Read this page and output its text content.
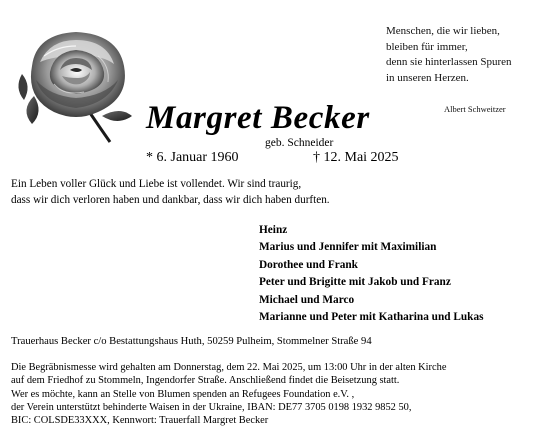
Menschen, die wir lieben,
bleiben für immer,
denn sie hinterlassen Spuren
in unseren Herzen.
Albert Schweitzer
Margret Becker
geb. Schneider
* 6. Januar 1960	† 12. Mai 2025
Ein Leben voller Glück und Liebe ist vollendet. Wir sind traurig,
dass wir dich verloren haben und dankbar, dass wir dich haben durften.
Heinz
Marius und Jennifer mit Maximilian
Dorothee und Frank
Peter und Brigitte mit Jakob und Franz
Michael und Marco
Marianne und Peter mit Katharina und Lukas
Trauerhaus Becker c/o Bestattungshaus Huth, 50259 Pulheim, Stommelner Straße 94
Die Begräbnismesse wird gehalten am Donnerstag, dem 22. Mai 2025, um 13:00 Uhr in der alten Kirche
auf dem Friedhof zu Stommeln, Ingendorfer Straße. Anschließend findet die Beisetzung statt.
Wer es möchte, kann an Stelle von Blumen spenden an Refugees Foundation e.V. ,
der Verein unterstützt behinderte Waisen in der Ukraine, IBAN: DE77 3705 0198 1932 9852 50,
BIC: COLSDE33XXX, Kennwort: Trauerfall Margret Becker
